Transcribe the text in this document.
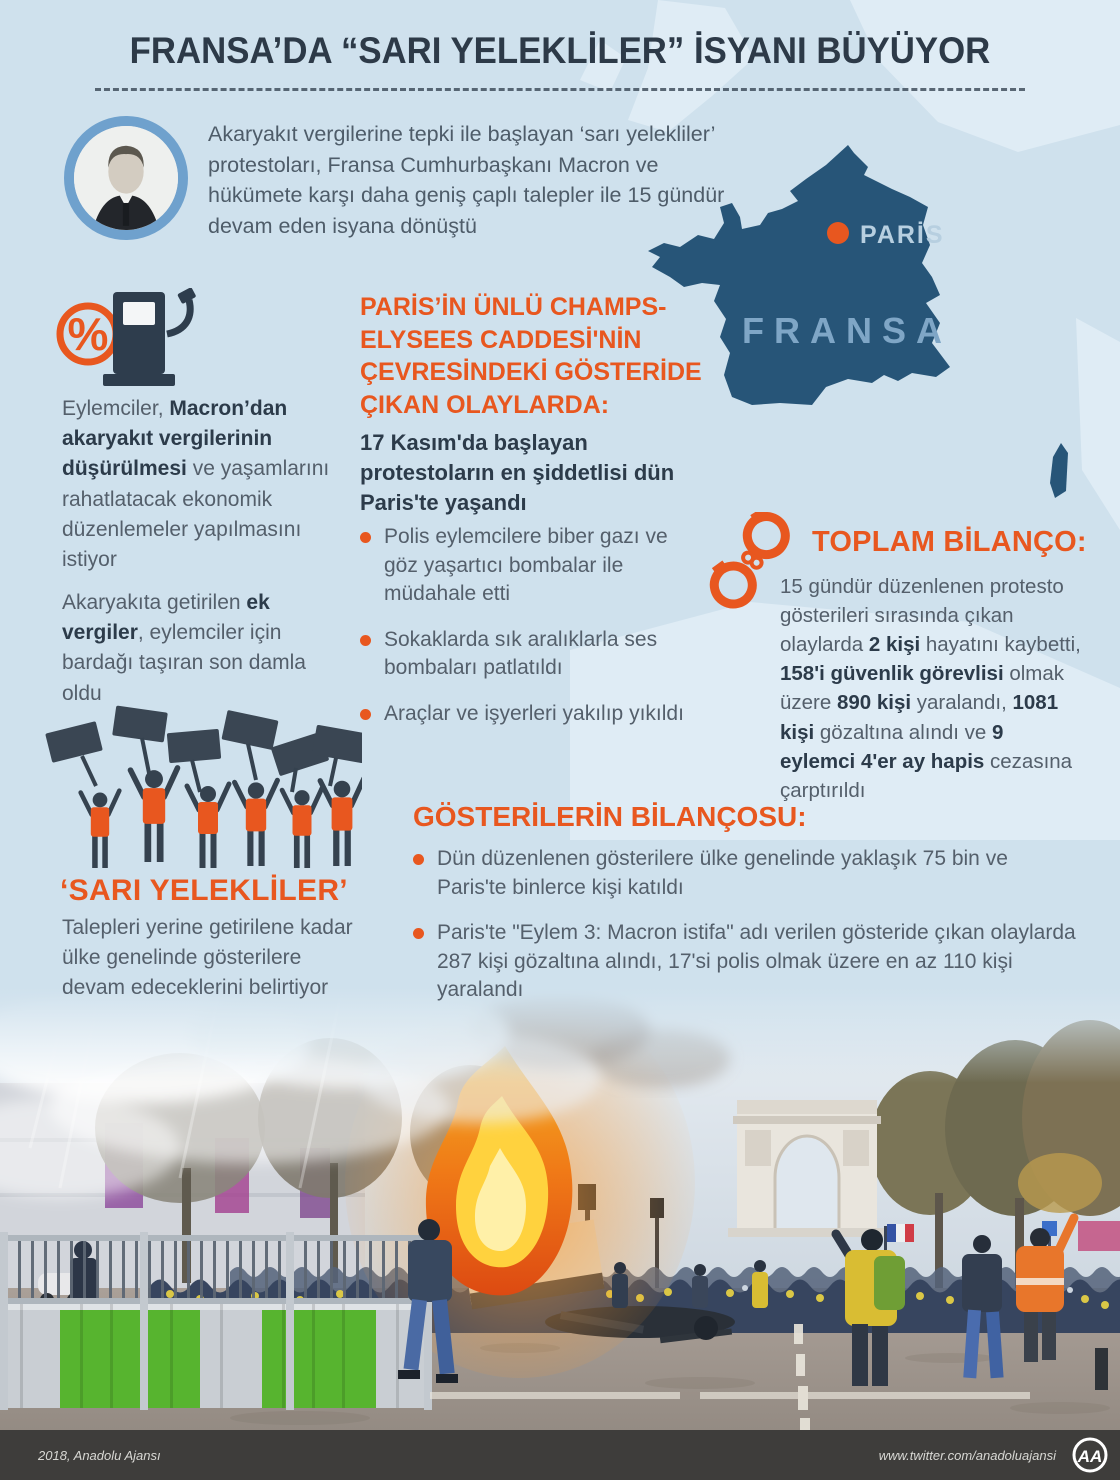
FRANSA’DA “SARI YELEKLİLER” İSYANI BÜYÜYOR
Akaryakıt vergilerine tepki ile başlayan ‘sarı yelekliler’ protestoları, Fransa Cumhurbaşkanı Macron ve hükümete karşı daha geniş çaplı talepler ile 15 gündür devam eden isyana dönüştü	PARİS
FRANSA
%
Eylemciler, Macron’dan akaryakıt vergilerinin düşürülmesi ve yaşamlarını rahatlatacak ekonomik düzenlemeler yapılmasını istiyor
Akaryakıta getirilen ek vergiler, eylemciler için bardağı taşıran son damla oldu
‘SARI YELEKLİLER’
Talepleri yerine getirilene kadar ülke genelinde gösterilere devam edeceklerini belirtiyor
PARİS’İN ÜNLÜ CHAMPS-ELYSEES CADDESİ'NİN ÇEVRESİNDEKİ GÖSTERİDE ÇIKAN OLAYLARDA:
17 Kasım'da başlayan protestoların en şiddetlisi dün Paris'te yaşandı
Polis eylemcilere biber gazı ve göz yaşartıcı bombalar ile müdahale etti
Sokaklarda sık aralıklarla ses bombaları patlatıldı
Araçlar ve işyerleri yakılıp yıkıldı
TOPLAM BİLANÇO:
15 gündür düzenlenen protesto gösterileri sırasında çıkan olaylarda 2 kişi hayatını kaybetti, 158'i güvenlik görevlisi olmak üzere 890 kişi yaralandı, 1081 kişi gözaltına alındı ve 9 eylemci 4'er ay hapis cezasına çarptırıldı
GÖSTERİLERİN BİLANÇOSU:
Dün düzenlenen gösterilere ülke genelinde yaklaşık 75 bin ve Paris'te binlerce kişi katıldı
Paris'te "Eylem 3: Macron istifa" adı verilen gösteride çıkan olaylarda 287 kişi gözaltına alındı, 17'si polis olmak üzere en az 110 kişi yaralandı
2018, Anadolu Ajansı	www.twitter.com/anadoluajansi AA
